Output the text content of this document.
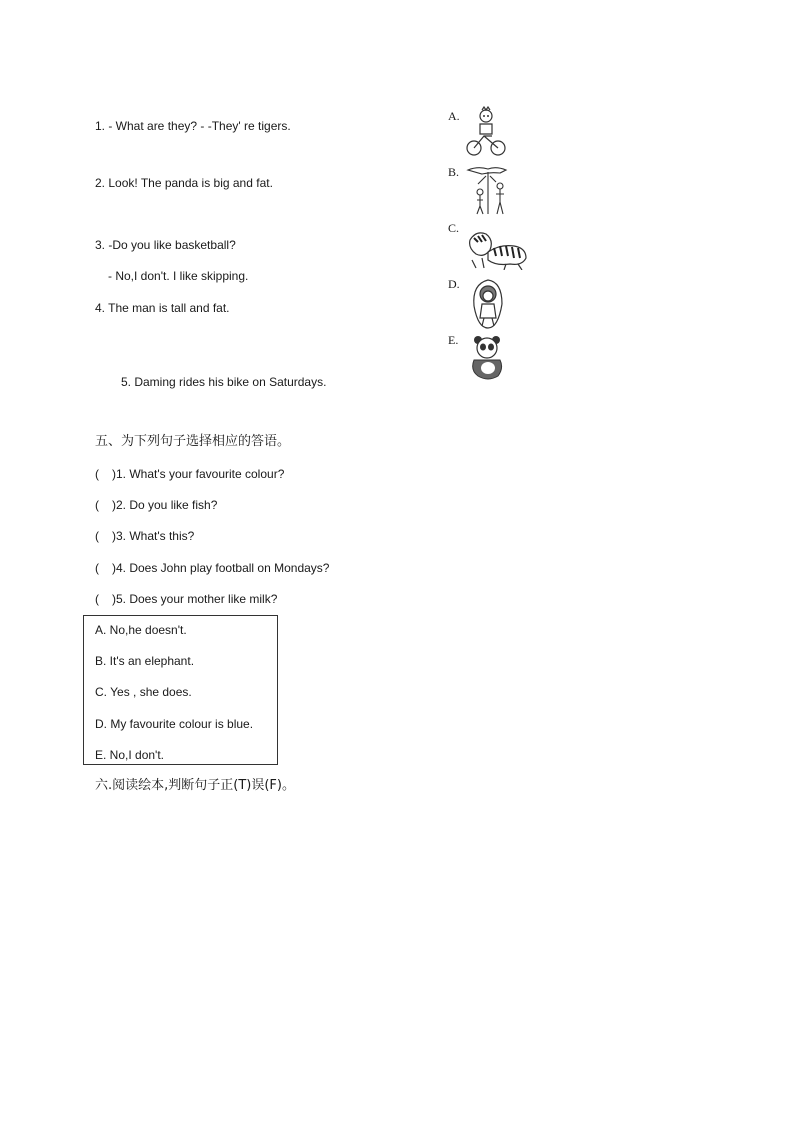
1. - What are they? - -They' re tigers.
2. Look! The panda is big and fat.
3. -Do you like basketball?
- No,I don't. I like skipping.
4. The man is tall and fat.
5. Daming rides his bike on Saturdays.
A.
B.
C.
D.
E.
五、为下列句子选择相应的答语。
( )1. What's your favourite colour?
( )2. Do you like fish?
( )3. What's this?
( )4. Does John play football on Mondays?
( )5. Does your mother like milk?
A. No,he doesn't.
B. It's an elephant.
C. Yes , she does.
D. My favourite colour is blue.
E. No,I don't.
六.阅读绘本,判断句子正(T)误(F)。
